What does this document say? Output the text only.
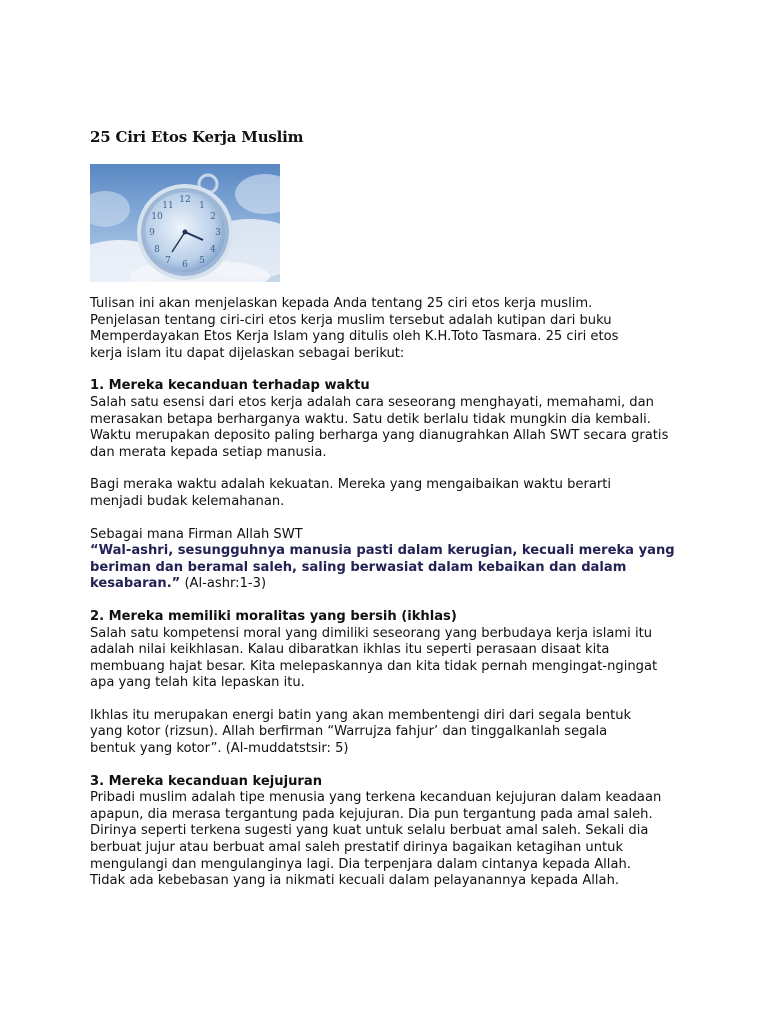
25 Ciri Etos Kerja Muslim
12
3
6
9
1
2
4
5
7
8
10
11

Tulisan ini akan menjelaskan kepada Anda tentang 25 ciri etos kerja muslim.

Penjelasan tentang ciri-ciri etos kerja muslim tersebut adalah kutipan dari buku

Memperdayakan Etos Kerja Islam yang ditulis oleh K.H.Toto Tasmara. 25 ciri etos

kerja islam itu dapat dijelaskan sebagai berikut:

1. Mereka kecanduan terhadap waktu

Salah satu esensi dari etos kerja adalah cara seseorang menghayati, memahami, dan

merasakan betapa berharganya waktu. Satu detik berlalu tidak mungkin dia kembali.

Waktu merupakan deposito paling berharga yang dianugrahkan Allah SWT secara gratis

dan merata kepada setiap manusia.

Bagi meraka waktu adalah kekuatan. Mereka yang mengaibaikan waktu berarti

menjadi budak kelemahanan.

Sebagai mana Firman Allah SWT

“Wal-ashri, sesungguhnya manusia pasti dalam kerugian, kecuali mereka yang

beriman dan beramal saleh, saling berwasiat dalam kebaikan dan dalam

kesabaran.” (Al-ashr:1-3)

2. Mereka memiliki moralitas yang bersih (ikhlas)

Salah satu kompetensi moral yang dimiliki seseorang yang berbudaya kerja islami itu

adalah nilai keikhlasan. Kalau dibaratkan ikhlas itu seperti perasaan disaat kita

membuang hajat besar. Kita melepaskannya dan kita tidak pernah mengingat-ngingat

apa yang telah kita lepaskan itu.

Ikhlas itu merupakan energi batin yang akan membentengi diri dari segala bentuk

yang kotor (rizsun). Allah berfirman “Warrujza fahjur’ dan tinggalkanlah segala

bentuk yang kotor”. (Al-muddatstsir: 5)

3. Mereka kecanduan kejujuran

Pribadi muslim adalah tipe menusia yang terkena kecanduan kejujuran dalam keadaan

apapun, dia merasa tergantung pada kejujuran. Dia pun tergantung pada amal saleh.

Dirinya seperti terkena sugesti yang kuat untuk selalu berbuat amal saleh. Sekali dia

berbuat jujur atau berbuat amal saleh prestatif dirinya bagaikan ketagihan untuk

mengulangi dan mengulanginya lagi. Dia terpenjara dalam cintanya kepada Allah.

Tidak ada kebebasan yang ia nikmati kecuali dalam pelayanannya kepada Allah.
